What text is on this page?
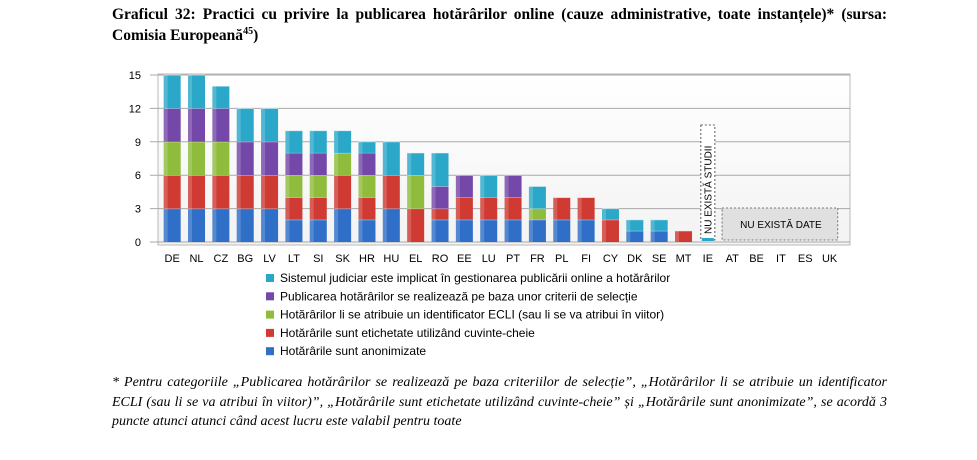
Graficul 32: Practici cu privire la publicarea hotărârilor online (cauze administrative, toate instanțele)* (sursa: Comisia Europeană$^{45}$)
0
3
6
9
12
15
DE NL CZ BG LV LT SI SK HR HU EL RO EE LU PT FR PL FI CY DK SE MT IE AT BE IT ES UK
NU EXISTĂ STUDII	NU EXISTĂ DATE
Sistemul judiciar este implicat în gestionarea publicării online a hotărârilor
Publicarea hotărârilor se realizează pe baza unor criterii de selecție
Hotărârilor li se atribuie un identificator ECLI (sau li se va atribui în viitor)
Hotărârile sunt etichetate utilizând cuvinte-cheie
Hotărârile sunt anonimizate
* Pentru categoriile „Publicarea hotărârilor se realizează pe baza criteriilor de selecție”, „Hotărârilor li se atribuie un identificator ECLI (sau li se va atribui în viitor)”, „Hotărârile sunt etichetate utilizând cuvinte-cheie” și „Hotărârile sunt anonimizate”, se acordă 3 puncte atunci atunci când acest lucru este valabil pentru toate
